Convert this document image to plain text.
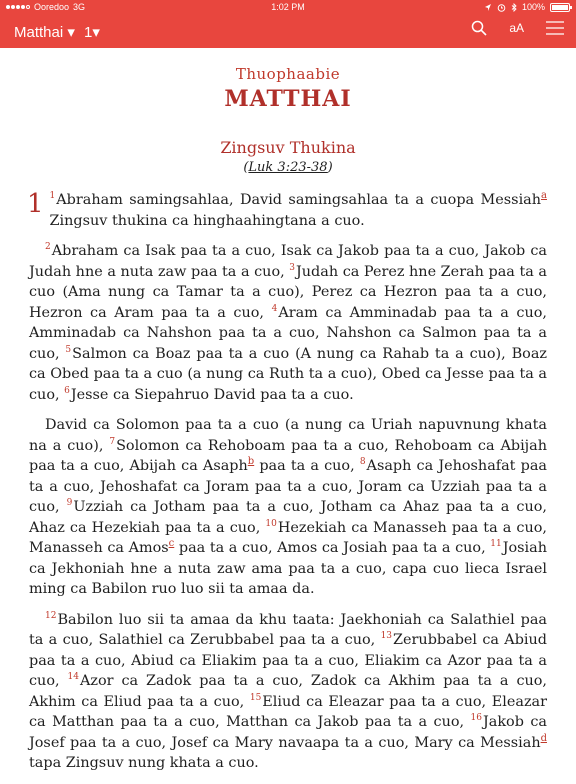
Ooredoo 3G	1:02 PM	100%
Matthai ▾ 1▾	aA
Thuophaabie
MATTHAI
Zingsuv Thukina
(Luk 3:23-38)

1 $^1$Abraham samingsahlaa, David samingsahlaa ta a cuopa Messiah$^a$ Zingsuv thukina ca hinghaahingtana a cuo.

$^2$Abraham ca Isak paa ta a cuo, Isak ca Jakob paa ta a cuo, Jakob ca Judah hne a nuta zaw paa ta a cuo, $^3$Judah ca Perez hne Zerah paa ta a cuo (Ama nung ca Tamar ta a cuo), Perez ca Hezron paa ta a cuo, Hezron ca Aram paa ta a cuo, $^4$Aram ca Amminadab paa ta a cuo, Amminadab ca Nahshon paa ta a cuo, Nahshon ca Salmon paa ta a cuo, $^5$Salmon ca Boaz paa ta a cuo (A nung ca Rahab ta a cuo), Boaz ca Obed paa ta a cuo (a nung ca Ruth ta a cuo), Obed ca Jesse paa ta a cuo, $^6$Jesse ca Siepahruo David paa ta a cuo.

David ca Solomon paa ta a cuo (a nung ca Uriah napuvnung khata na a cuo), $^7$Solomon ca Rehoboam paa ta a cuo, Rehoboam ca Abijah paa ta a cuo, Abijah ca Asaph$^b$ paa ta a cuo, $^8$Asaph ca Jehoshafat paa ta a cuo, Jehoshafat ca Joram paa ta a cuo, Joram ca Uzziah paa ta a cuo, $^9$Uzziah ca Jotham paa ta a cuo, Jotham ca Ahaz paa ta a cuo, Ahaz ca Hezekiah paa ta a cuo, $^{10}$Hezekiah ca Manasseh paa ta a cuo, Manasseh ca Amos$^c$ paa ta a cuo, Amos ca Josiah paa ta a cuo, $^{11}$Josiah ca Jekhoniah hne a nuta zaw ama paa ta a cuo, capa cuo lieca Israel ming ca Babilon ruo luo sii ta amaa da.

$^{12}$Babilon luo sii ta amaa da khu taata: Jaekhoniah ca Salathiel paa ta a cuo, Salathiel ca Zerubbabel paa ta a cuo, $^{13}$Zerubbabel ca Abiud paa ta a cuo, Abiud ca Eliakim paa ta a cuo, Eliakim ca Azor paa ta a cuo, $^{14}$Azor ca Zadok paa ta a cuo, Zadok ca Akhim paa ta a cuo, Akhim ca Eliud paa ta a cuo, $^{15}$Eliud ca Eleazar paa ta a cuo, Eleazar ca Matthan paa ta a cuo, Matthan ca Jakob paa ta a cuo, $^{16}$Jakob ca Josef paa ta a cuo, Josef ca Mary navaapa ta a cuo, Mary ca Messiah$^d$ tapa Zingsuv nung khata a cuo.
